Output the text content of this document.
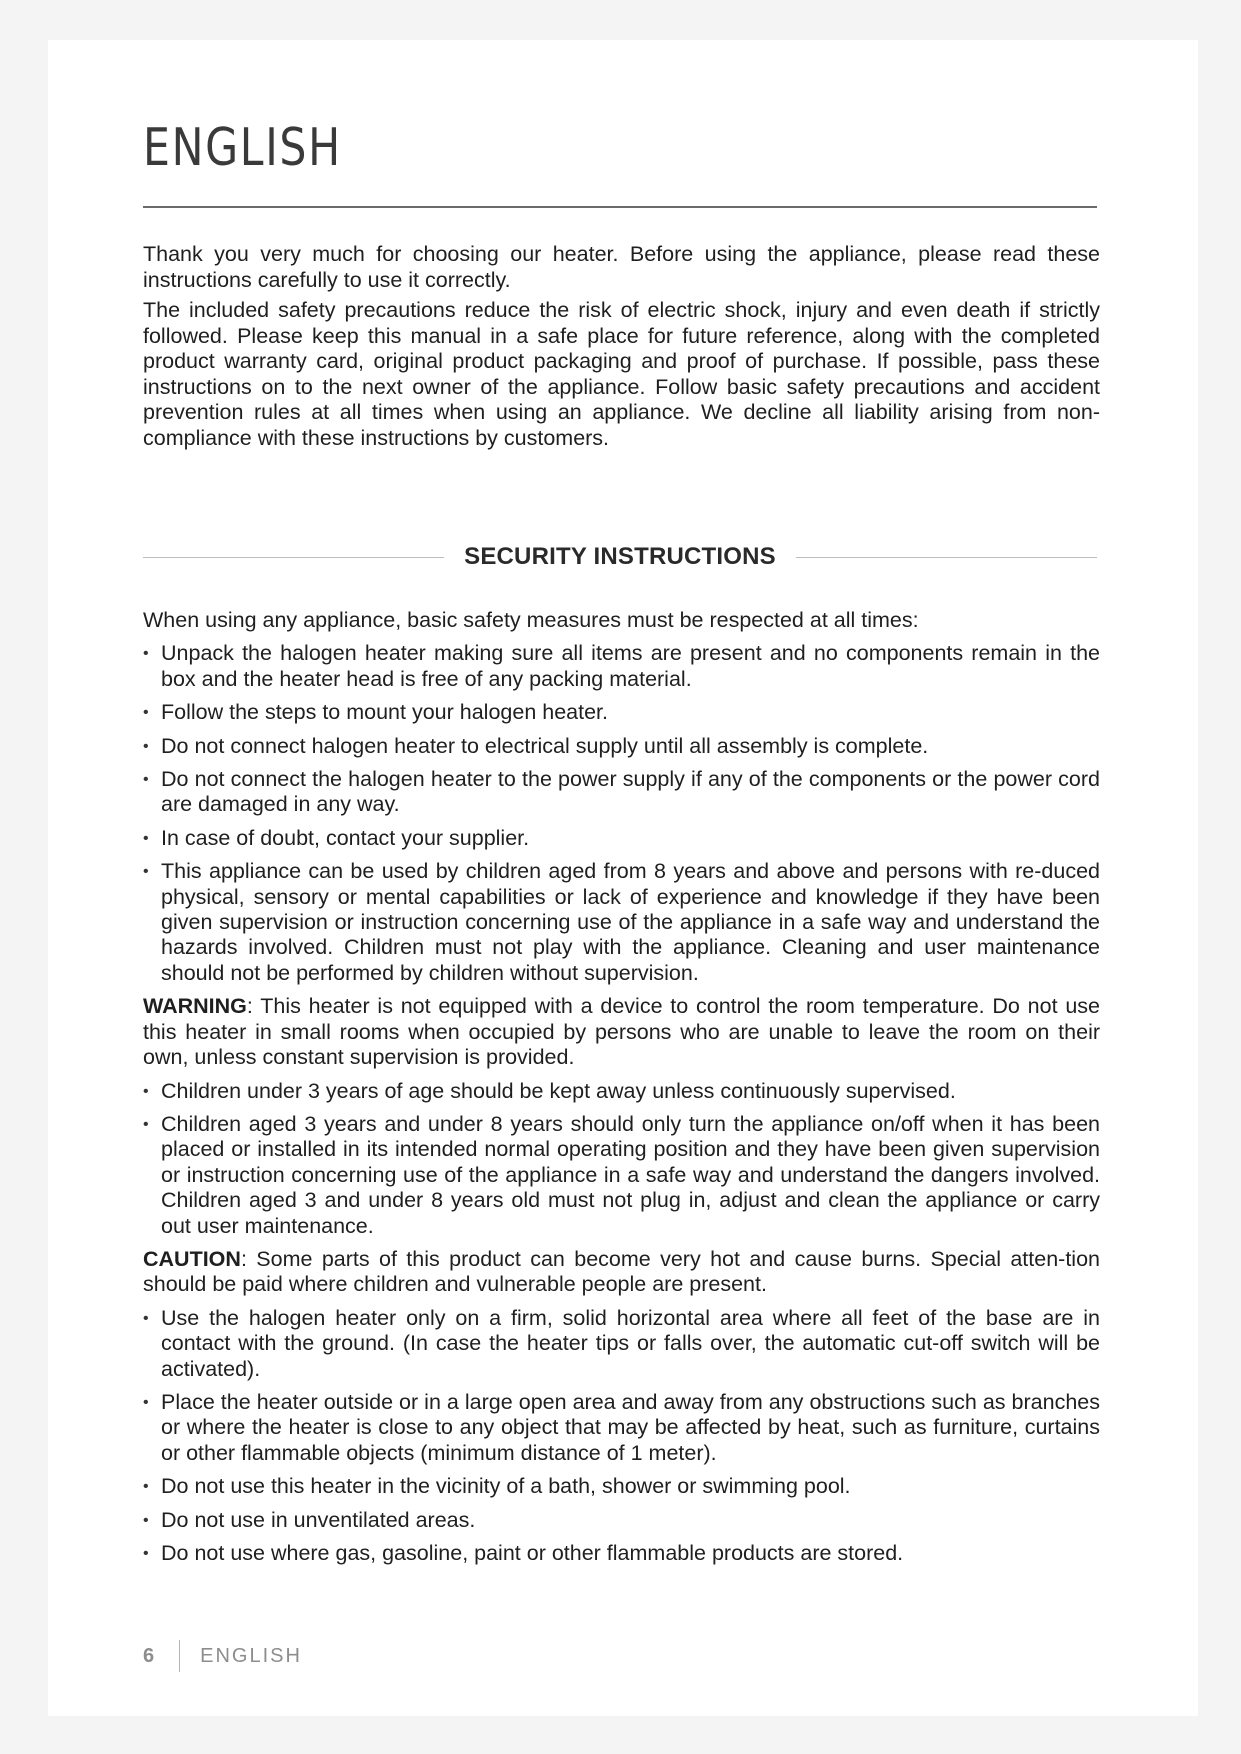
ENGLISH

Thank you very much for choosing our heater. Before using the appliance, please read these instructions carefully to use it correctly.

The included safety precautions reduce the risk of electric shock, injury and even death if strictly followed. Please keep this manual in a safe place for future reference, along with the completed product warranty card, original product packaging and proof of purchase. If possible, pass these instructions on to the next owner of the appliance. Follow basic safety precautions and accident prevention rules at all times when using an appliance. We decline all liability arising from non-compliance with these instructions by customers.

SECURITY INSTRUCTIONS

When using any appliance, basic safety measures must be respected at all times:

• Unpack the halogen heater making sure all items are present and no components remain in the box and the heater head is free of any packing material.
• Follow the steps to mount your halogen heater.
• Do not connect halogen heater to electrical supply until all assembly is complete.
• Do not connect the halogen heater to the power supply if any of the components or the power cord are damaged in any way.
• In case of doubt, contact your supplier.
• This appliance can be used by children aged from 8 years and above and persons with re-duced physical, sensory or mental capabilities or lack of experience and knowledge if they have been given supervision or instruction concerning use of the appliance in a safe way and understand the hazards involved. Children must not play with the appliance. Cleaning and user maintenance should not be performed by children without supervision.

WARNING: This heater is not equipped with a device to control the room temperature. Do not use this heater in small rooms when occupied by persons who are unable to leave the room on their own, unless constant supervision is provided.

• Children under 3 years of age should be kept away unless continuously supervised.
• Children aged 3 years and under 8 years should only turn the appliance on/off when it has been placed or installed in its intended normal operating position and they have been given supervision or instruction concerning use of the appliance in a safe way and understand the dangers involved. Children aged 3 and under 8 years old must not plug in, adjust and clean the appliance or carry out user maintenance.

CAUTION: Some parts of this product can become very hot and cause burns. Special atten-tion should be paid where children and vulnerable people are present.

• Use the halogen heater only on a firm, solid horizontal area where all feet of the base are in contact with the ground. (In case the heater tips or falls over, the automatic cut-off switch will be activated).
• Place the heater outside or in a large open area and away from any obstructions such as branches or where the heater is close to any object that may be affected by heat, such as furniture, curtains or other flammable objects (minimum distance of 1 meter).
• Do not use this heater in the vicinity of a bath, shower or swimming pool.
• Do not use in unventilated areas.
• Do not use where gas, gasoline, paint or other flammable products are stored.
6 ENGLISH
